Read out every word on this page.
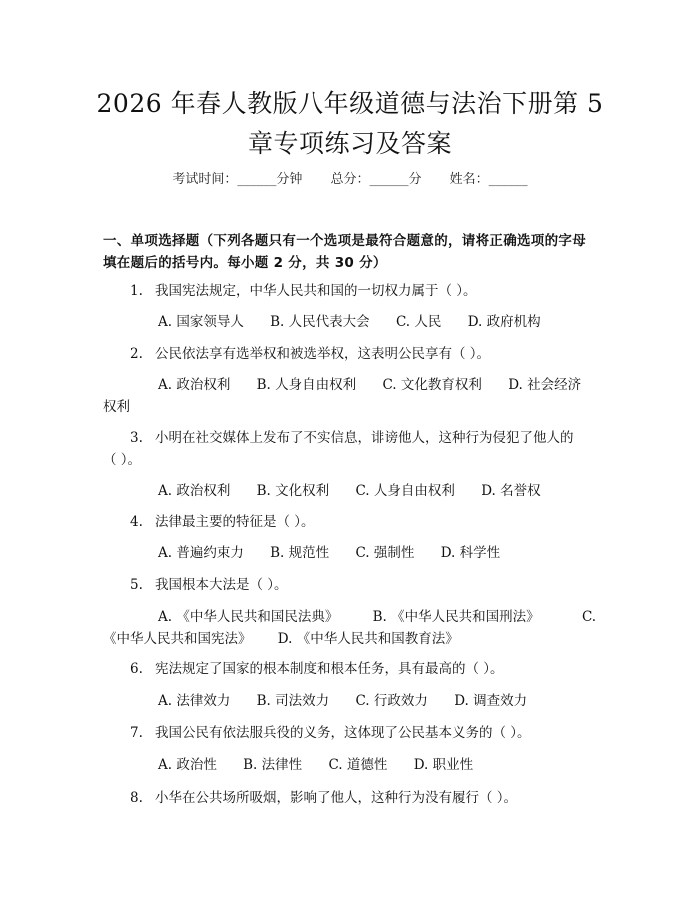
2026 年春人教版八年级道德与法治下册第 5
章专项练习及答案
考试时间：______分钟 总分：______分 姓名：______
一、单项选择题（下列各题只有一个选项是最符合题意的，请将正确选项的字母
填在题后的括号内。每小题 2 分，共 30 分）
1. 我国宪法规定，中华人民共和国的一切权力属于（ ）。
A. 国家领导人 B. 人民代表大会 C. 人民 D. 政府机构
2. 公民依法享有选举权和被选举权，这表明公民享有（ ）。
A. 政治权利 B. 人身自由权利 C. 文化教育权利 D. 社会经济
权利
3. 小明在社交媒体上发布了不实信息，诽谤他人，这种行为侵犯了他人的
（ ）。
A. 政治权利 B. 文化权利 C. 人身自由权利 D. 名誉权
4. 法律最主要的特征是（ ）。
A. 普遍约束力 B. 规范性 C. 强制性 D. 科学性
5. 我国根本大法是（ ）。
A. 《中华人民共和国民法典》	B. 《中华人民共和国刑法》	C.
《中华人民共和国宪法》 D. 《中华人民共和国教育法》
6. 宪法规定了国家的根本制度和根本任务，具有最高的（ ）。
A. 法律效力 B. 司法效力 C. 行政效力 D. 调查效力
7. 我国公民有依法服兵役的义务，这体现了公民基本义务的（ ）。
A. 政治性 B. 法律性 C. 道德性 D. 职业性
8. 小华在公共场所吸烟，影响了他人，这种行为没有履行（ ）。
